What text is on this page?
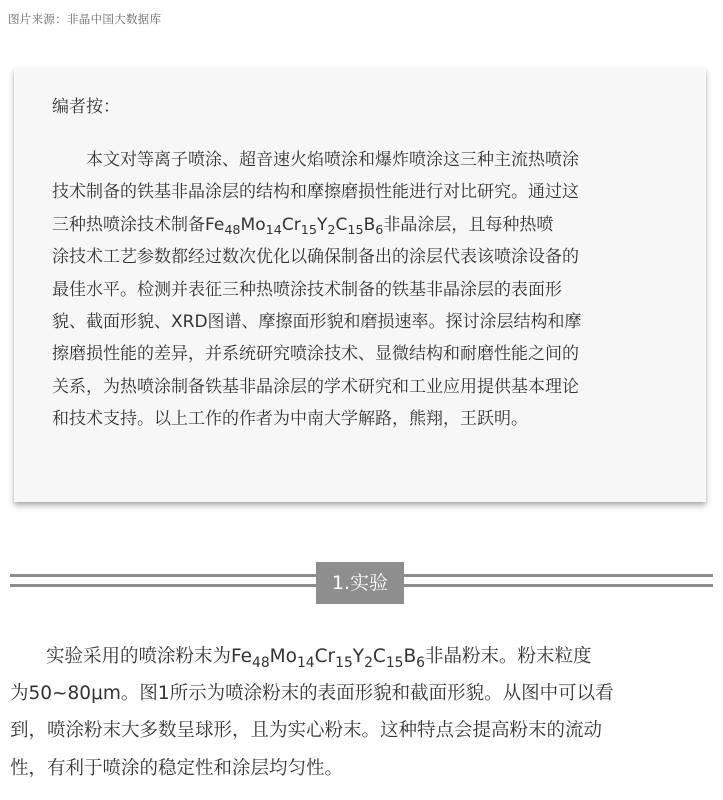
图片来源：非晶中国大数据库
编者按：
本文对等离子喷涂、超音速火焰喷涂和爆炸喷涂这三种主流热喷涂
技术制备的铁基非晶涂层的结构和摩擦磨损性能进行对比研究。通过这
三种热喷涂技术制备$Fe_{48}Mo_{14}Cr_{15}Y_2C_{15}B_6$非晶涂层，且每种热喷
涂技术工艺参数都经过数次优化以确保制备出的涂层代表该喷涂设备的
最佳水平。检测并表征三种热喷涂技术制备的铁基非晶涂层的表面形
貌、截面形貌、XRD图谱、摩擦面形貌和磨损速率。探讨涂层结构和摩
擦磨损性能的差异，并系统研究喷涂技术、显微结构和耐磨性能之间的
关系，为热喷涂制备铁基非晶涂层的学术研究和工业应用提供基本理论
和技术支持。以上工作的作者为中南大学解路，熊翔，王跃明。
1.实验
实验采用的喷涂粉末为$Fe_{48}Mo_{14}Cr_{15}Y_2C_{15}B_6$非晶粉末。粉末粒度
为50~80μm。图1所示为喷涂粉末的表面形貌和截面形貌。从图中可以看
到，喷涂粉末大多数呈球形，且为实心粉末。这种特点会提高粉末的流动
性，有利于喷涂的稳定性和涂层均匀性。
